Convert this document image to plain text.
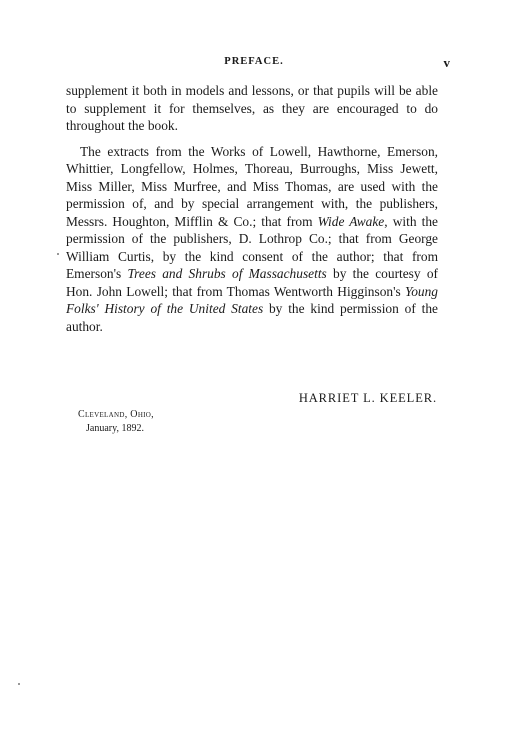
PREFACE.	v

supplement it both in models and lessons, or that pupils will be able to supplement it for themselves, as they are encouraged to do throughout the book.

The extracts from the Works of Lowell, Hawthorne, Emerson, Whittier, Longfellow, Holmes, Thoreau, Burroughs, Miss Jewett, Miss Miller, Miss Murfree, and Miss Thomas, are used with the permission of, and by special arrangement with, the publishers, Messrs. Houghton, Mifflin & Co.; that from Wide Awake, with the permission of the publishers, D. Lothrop Co.; that from George William Curtis, by the kind consent of the author; that from Emerson's Trees and Shrubs of Massachusetts by the courtesy of Hon. John Lowell; that from Thomas Wentworth Higginson's Young Folks' History of the United States by the kind permission of the author.

HARRIET L. KEELER.
Cleveland, Ohio,
January, 1892.
